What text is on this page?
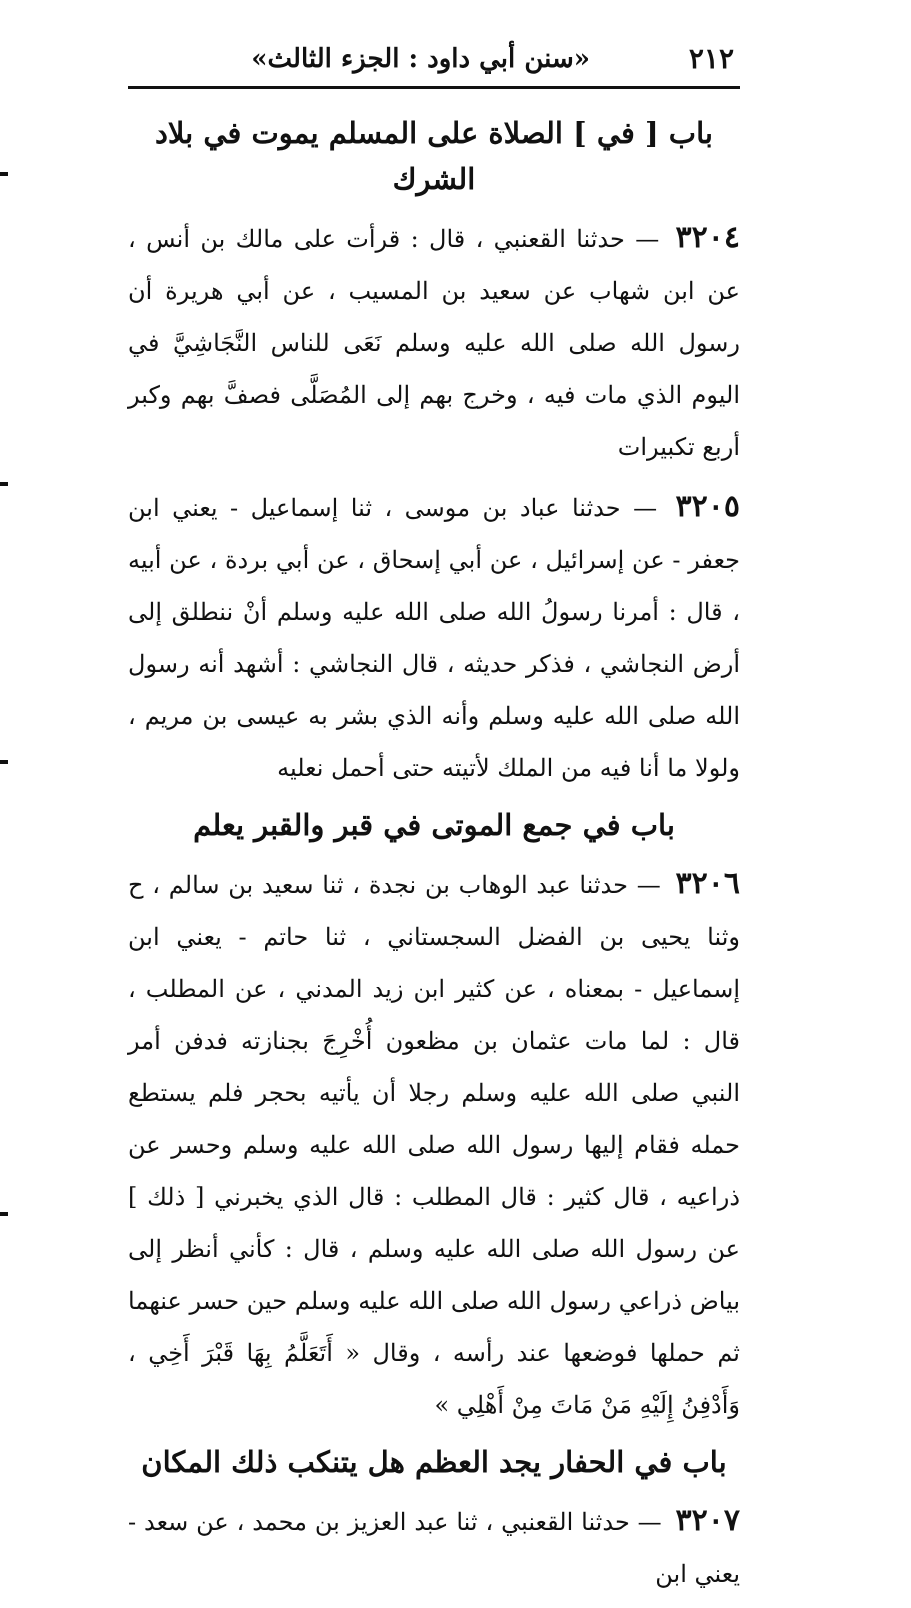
٢١٢
«سنن أبي داود : الجزء الثالث»
باب [ في ] الصلاة على المسلم يموت في بلاد الشرك

٣٢٠٤ — حدثنا القعنبي ، قال : قرأت على مالك بن أنس ، عن ابن شهاب عن سعيد بن المسيب ، عن أبي هريرة أن رسول الله صلى الله عليه وسلم نَعَى للناس النَّجَاشِيَّ في اليوم الذي مات فيه ، وخرج بهم إلى المُصَلَّى فصفَّ بهم وكبر أربع تكبيرات

٣٢٠٥ — حدثنا عباد بن موسى ، ثنا إسماعيل - يعني ابن جعفر - عن إسرائيل ، عن أبي إسحاق ، عن أبي بردة ، عن أبيه ، قال : أمرنا رسولُ الله صلى الله عليه وسلم أنْ ننطلق إلى أرض النجاشي ، فذكر حديثه ، قال النجاشي : أشهد أنه رسول الله صلى الله عليه وسلم وأنه الذي بشر به عيسى بن مريم ، ولولا ما أنا فيه من الملك لأتيته حتى أحمل نعليه

باب في جمع الموتى في قبر والقبر يعلم

٣٢٠٦ — حدثنا عبد الوهاب بن نجدة ، ثنا سعيد بن سالم ، ح وثنا يحيى بن الفضل السجستاني ، ثنا حاتم - يعني ابن إسماعيل - بمعناه ، عن كثير ابن زيد المدني ، عن المطلب ، قال : لما مات عثمان بن مظعون أُخْرِجَ بجنازته فدفن أمر النبي صلى الله عليه وسلم رجلا أن يأتيه بحجر فلم يستطع حمله فقام إليها رسول الله صلى الله عليه وسلم وحسر عن ذراعيه ، قال كثير : قال المطلب : قال الذي يخبرني [ ذلك ] عن رسول الله صلى الله عليه وسلم ، قال : كأني أنظر إلى بياض ذراعي رسول الله صلى الله عليه وسلم حين حسر عنهما ثم حملها فوضعها عند رأسه ، وقال « أَتَعَلَّمُ بِهَا قَبْرَ أَخِي ، وَأَدْفِنُ إِلَيْهِ مَنْ مَاتَ مِنْ أَهْلِي »

باب في الحفار يجد العظم هل يتنكب ذلك المكان

٣٢٠٧ — حدثنا القعنبي ، ثنا عبد العزيز بن محمد ، عن سعد - يعني ابن
